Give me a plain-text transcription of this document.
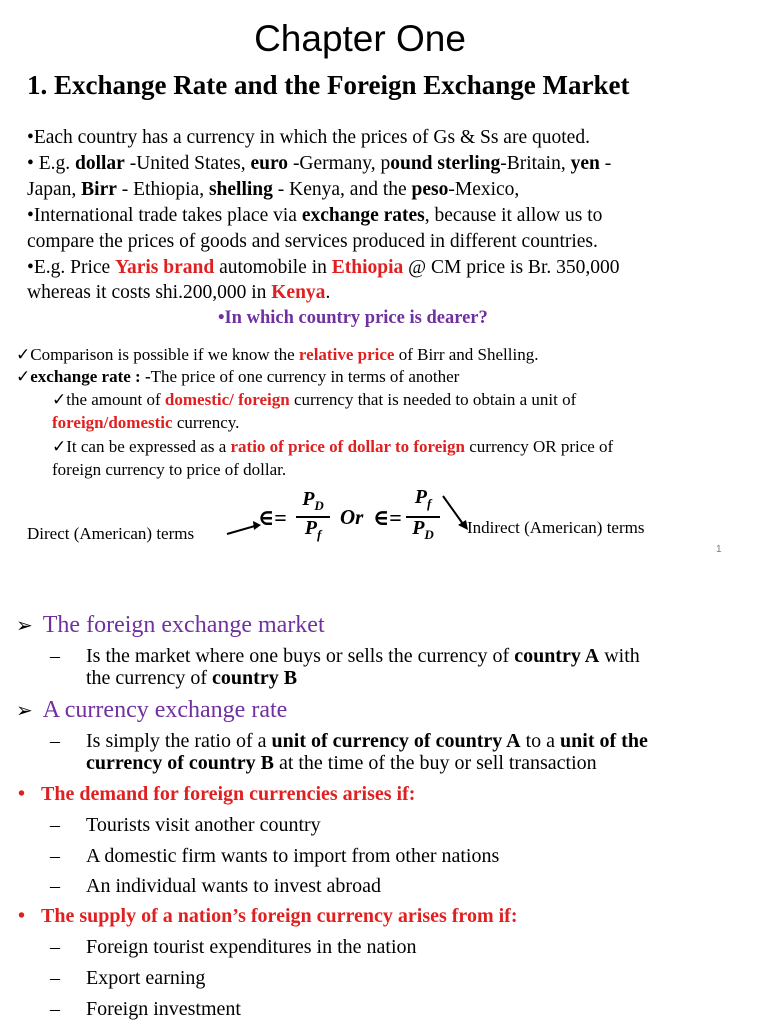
Chapter One
1. Exchange Rate and the Foreign Exchange Market
•Each country has a currency in which the prices of Gs & Ss are quoted.
• E.g. dollar -United States, euro -Germany, pound sterling-Britain, yen -
Japan, Birr - Ethiopia, shelling - Kenya, and the peso-Mexico,
•International trade takes place via exchange rates, because it allow us to
compare the prices of goods and services produced in different countries.
•E.g. Price Yaris brand automobile in Ethiopia @ CM price is Br. 350,000
whereas it costs shi.200,000 in Kenya.
•In which country price is dearer?
✓Comparison is possible if we know the relative price of Birr and Shelling.
✓exchange rate : -The price of one currency in terms of another
✓the amount of domestic/ foreign currency that is needed to obtain a unit of
foreign/domestic currency.
✓It can be expressed as a ratio of price of dollar to foreign currency OR price of
foreign currency to price of dollar.
Direct (American) terms
∈=
$P_D$
$P_f$
Or ∈=
$P_f$
$P_D$	Indirect (American) terms
1
➢ The foreign exchange market
– Is the market where one buys or sells the currency of country A with
the currency of country B
➢ A currency exchange rate
– Is simply the ratio of a unit of currency of country A to a unit of the
currency of country B at the time of the buy or sell transaction
• The demand for foreign currencies arises if:
– Tourists visit another country
– A domestic firm wants to import from other nations
– An individual wants to invest abroad
• The supply of a nation’s foreign currency arises from if:
– Foreign tourist expenditures in the nation
– Export earning
– Foreign investment
